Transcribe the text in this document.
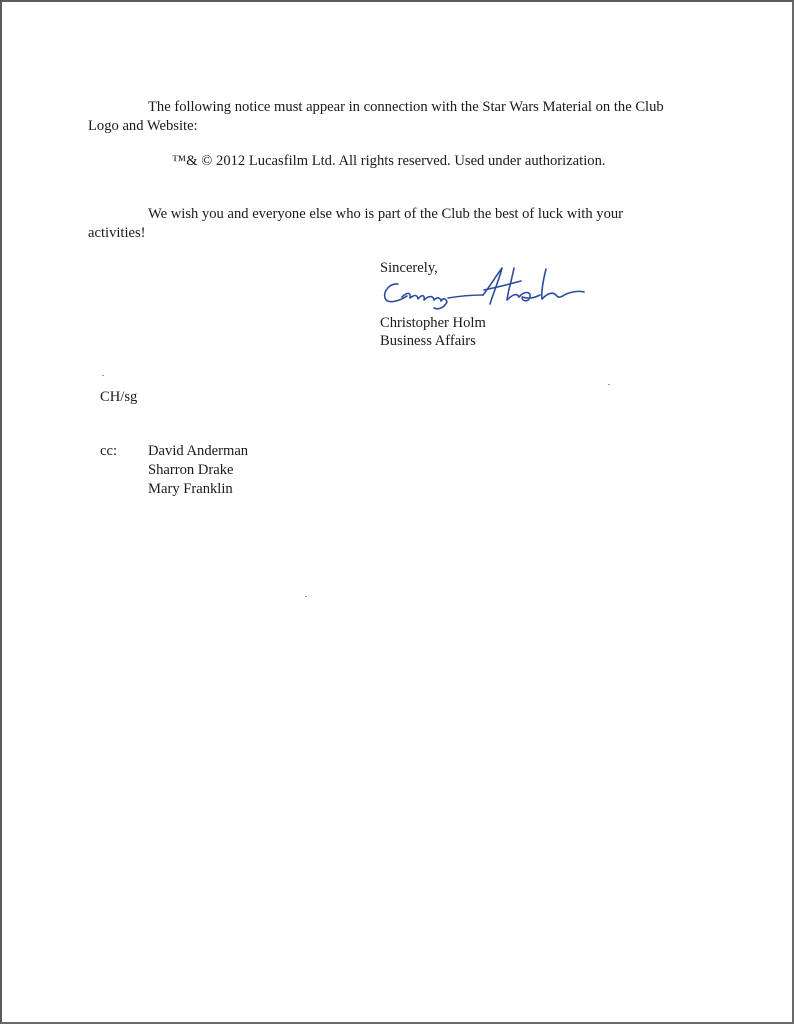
The following notice must appear in connection with the Star Wars Material on the Club
Logo and Website:
™& © 2012 Lucasfilm Ltd. All rights reserved. Used under authorization.
We wish you and everyone else who is part of the Club the best of luck with your
activities!
Sincerely,
Christopher Holm
Business Affairs
CH/sg
cc: David Anderman
Sharron Drake
Mary Franklin
